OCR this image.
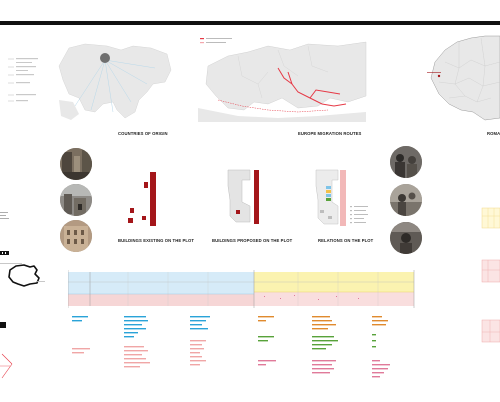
COUNTRIES OF ORIGIN	EUROPE MIGRATION ROUTES	ROMA
BUILDINGS EXISTING ON THE PLOT	BUILDINGS PROPOSED ON THE PLOT	RELATIONS ON THE PLOT
